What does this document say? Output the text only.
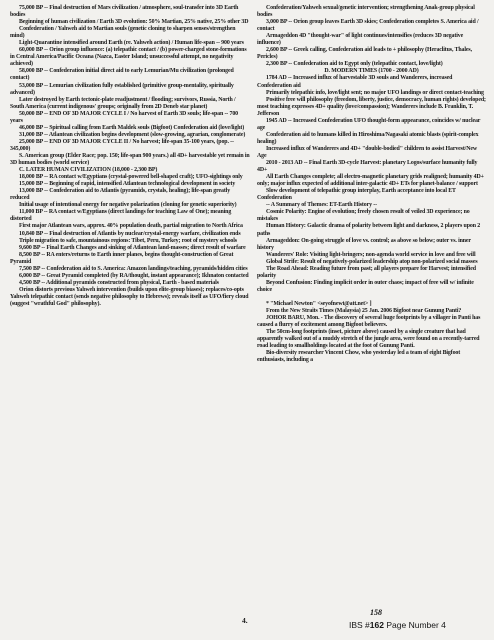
75,000 BP -- Final destruction of Mars civilization / atmosphere, soul-transfer into 3D Earth bodies

Beginning of human civilization / Earth 3D evolution: 50% Martian, 25% native, 25% other 3D

Confederation / Yahweh aid to Martian souls (genetic cloning to sharpen senses/strengthen mind)

Light-Quarantine intensified around Earth (re. Yahweh action) / Human life-span -- 900 years

60,000 BP -- Orion group influence: (a) telepathic contact / (b) power-charged stone-formations in Central America/Pacific Oceana (Nazca, Easter Island; unsuccessful attempt, no negativity achieved)

58,000 BP -- Confederation initial direct aid to early Lemurian/Mu civilization (prolonged contact)

53,000 BP -- Lemurian civilization fully established (primitive group-mentality, spiritually advanced)

Later destroyed by Earth tectonic-plate readjustment / flooding; survivors, Russia, North / South America (current indigenous' groups; originally from 2D Deneb star planet)

50,000 BP -- END OF 3D MAJOR CYCLE I / No harvest of Earth 3D souls; life-span -- 700 years

46,000 BP -- Spiritual calling from Earth Maldek souls (Bigfoot) Confederation aid (love/light)

31,000 BP -- Atlantean civilization begins development (slow-growing, agrarian, conglomerate)

25,000 BP -- END OF 3D MAJOR CYCLE II / No harvest; life-span 35-100 years, (pop. -- 345,000)

S. American group (Elder Race; pop. 150; life-span 900 years.) all 4D+ harvestable yet remain in 3D human bodies (world service)

C. LATER HUMAN CIVILIZATION (18,000 - 2,300 BP)

18,000 BP -- RA contact w/Egyptians (crystal-powered bell-shaped craft); UFO-sightings only

15,000 BP -- Beginning of rapid, intensified Atlantean technological development in society

13,000 BP -- Confederation aid to Atlantis (pyramids, crystals, healing); life-span greatly reduced

Initial usage of intentional energy for negative polarization (cloning for genetic superiority)

11,000 BP -- RA contact w/Egyptians (direct landings for teaching Law of One); meaning distorted

First major Atlantean wars, approx. 40% population death, partial migration to North Africa

10,840 BP -- Final destruction of Atlantis by nuclear/crystal-energy warfare, civilization ends

Triple migration to safe, mountainous regions: Tibet, Peru, Turkey; root of mystery schools

9,600 BP -- Final Earth Changes and sinking of Atlantean land-masses; direct result of warfare

8,500 BP -- RA enters/returns to Earth inner planes, begins thought-construction of Great Pyramid

7,500 BP -- Confederation aid to S. America: Amazon landings/teaching, pyramids/hidden cities

6,000 BP -- Great Pyramid completed (by RA/thought, instant appearance); Ikhnaton contacted

4,500 BP -- Additional pyramids constructed from physical, Earth - based materials

Orion distorts previous Yahweh intervention (builds upon elite-group biases); replaces/co-opts Yahweh telepathic contact (sends negative philosophy to Hebrews); reveals itself as UFO/fiery cloud (suggest "wrathful God" philosophy).

Confederation/Yahweh sexual/genetic intervention; strengthening Anak-group physical bodies

3,000 BP -- Orion group leaves Earth 3D skies; Confederation completes S. America aid / contact

Armageddon 4D "thought-war" of light continues/intensifies (reduces 3D negative influence)

2,600 BP -- Greek calling, Confederation aid leads to + philosophy (Heraclitus, Thales, Pericles)

2,300 BP -- Confederation aid to Egypt only (telepathic contact, love/light)

D. MODERN TIMES (1700 - 2000 AD)

1784 AD -- Increased influx of harvestable 3D souls and Wanderers, increased Confederation aid

Primarily telepathic info, love/light sent; no major UFO landings or direct contact-teaching

Positive free will philosophy (freedom, liberty, justice, democracy, human rights) developed; most teaching expresses 4D+ quality (love/compassion); Wanderers include B. Franklin, T. Jefferson

1945 AD -- Increased Confederation UFO thought-form appearance, coincides w/ nuclear age

Confederation aid to humans killed in Hiroshima/Nagasaki atomic blasts (spirit-complex healing)

Increased influx of Wanderers and 4D+ "double-bodied" children to assist Harvest/New Age

2010 - 2013 AD -- Final Earth 3D-cycle Harvest: planetary Logos/surface humanity fully 4D+

All Earth Changes complete; all electro-magnetic planetary grids realigned; humanity 4D+ only; major influx expected of additional inter-galactic 4D+ ETs for planet-balance / support

Slow development of telepathic group interplay, Earth acceptance into local ET Confederation

-- A Summary of Themes: ET-Earth History --

Cosmic Polarity: Engine of evolution; freely chosen result of veiled 3D experience; no mistakes

Human History: Galactic drama of polarity between light and darkness, 2 players upon 2 paths

Armageddon: On-going struggle of love vs. control; as above so below; outer vs. inner history

Wanderers' Role: Visiting light-bringers; non-agenda world service in love and free will

Global Strife: Result of negatively-polarized leadership atop non-polarized social masses

The Road Ahead: Reading future from past; all players prepare for Harvest; intensified polarity

Beyond Confusion: Finding implicit order in outer chaos; impact of free will w/ infinite choice

* "Michael Newton" <seyofnewt@att.net> ]

From the New Straits Times (Malaysia) 25 Jan. 2006 Bigfoot near Gunung Panti?

JOHOR BARU, Mon. - The discovery of several huge footprints by a villager in Panti has caused a flurry of excitement among Bigfoot believers.

The 50cm-long footprints (inset, picture above) caused by a single creature that had apparently walked out of a muddy stretch of the jungle area, were found on a recently-tarred road leading to smallholdings located at the foot of Gunung Panti.

Bio-diversity researcher Vincent Chow, who yesterday led a team of eight Bigfoot enthusiasts, including a

4.
158
IBS #162 Page Number 4
